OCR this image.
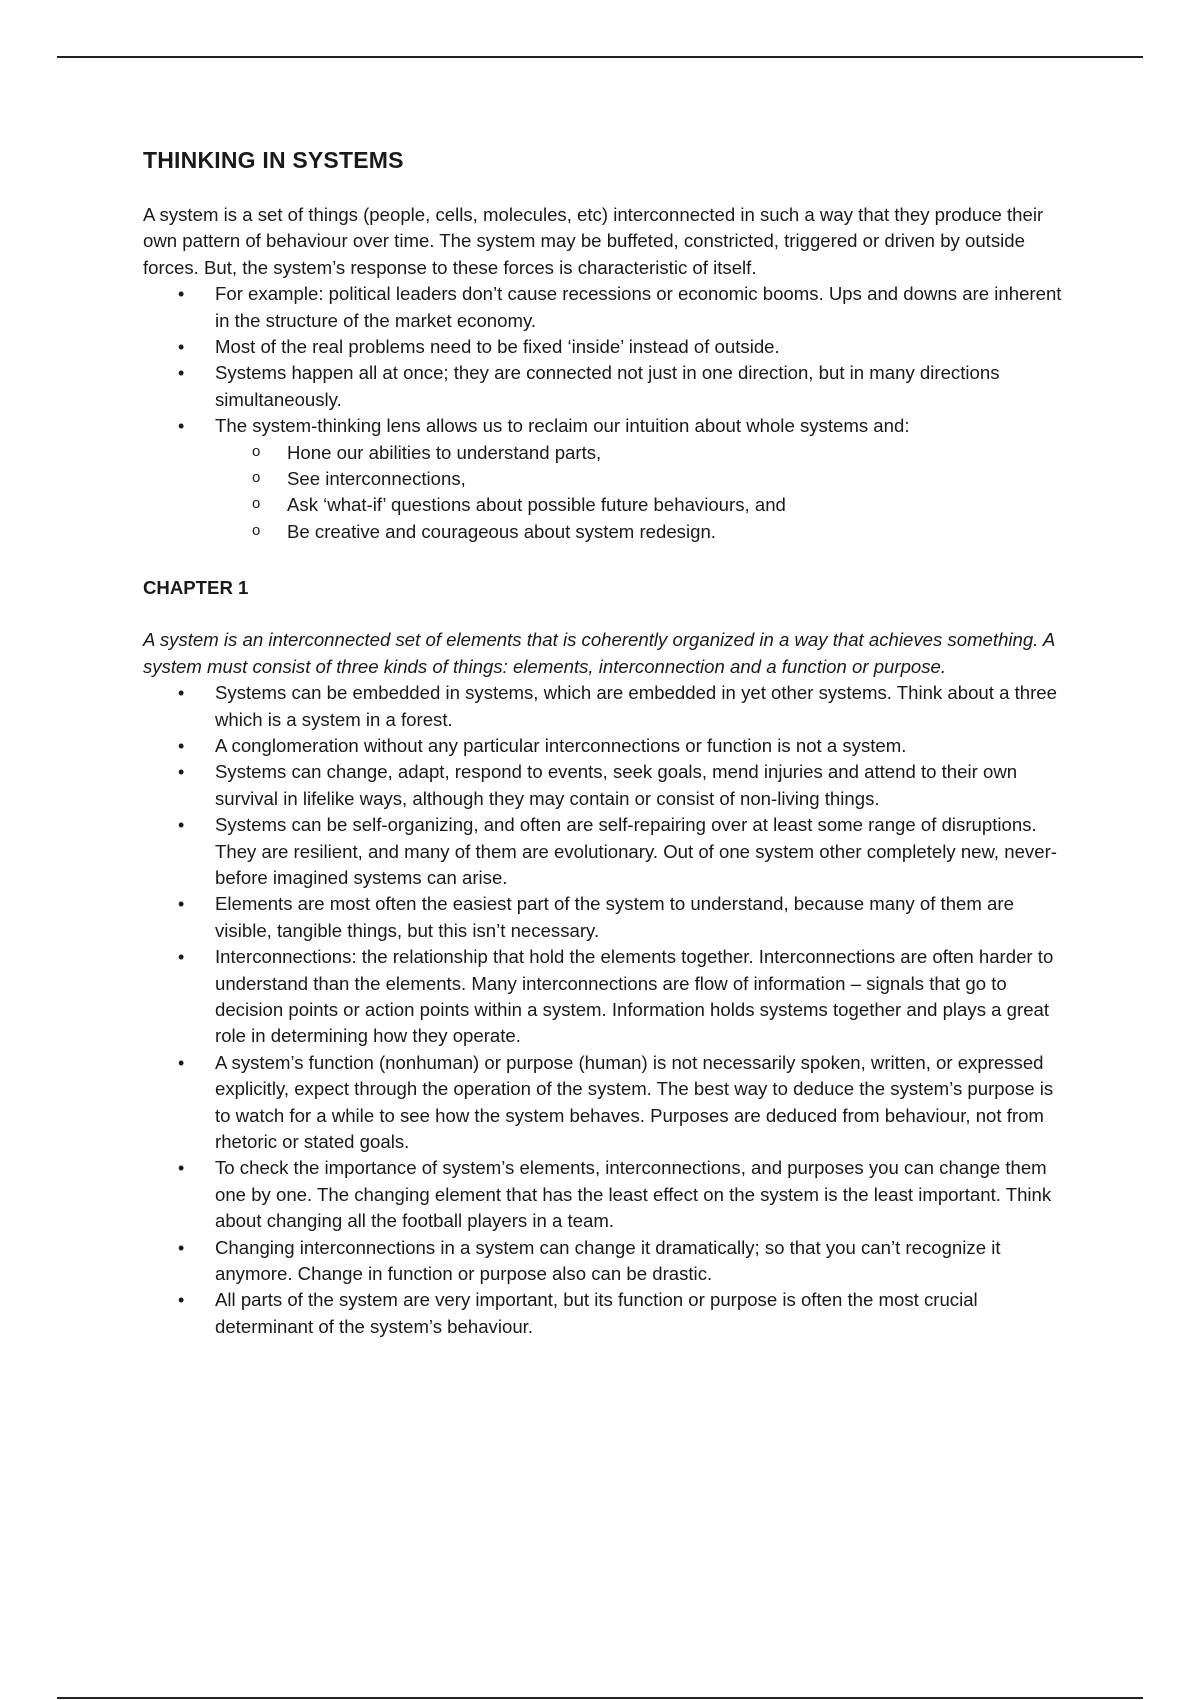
THINKING IN SYSTEMS

A system is a set of things (people, cells, molecules, etc) interconnected in such a way that they produce their own pattern of behaviour over time. The system may be buffeted, constricted, triggered or driven by outside forces. But, the system’s response to these forces is characteristic of itself.

• For example: political leaders don’t cause recessions or economic booms. Ups and downs are inherent in the structure of the market economy.
• Most of the real problems need to be fixed ‘inside’ instead of outside.
• Systems happen all at once; they are connected not just in one direction, but in many directions simultaneously.
• The system-thinking lens allows us to reclaim our intuition about whole systems and:
o Hone our abilities to understand parts,
o See interconnections,
o Ask ‘what-if’ questions about possible future behaviours, and
o Be creative and courageous about system redesign.
CHAPTER 1

A system is an interconnected set of elements that is coherently organized in a way that achieves something. A system must consist of three kinds of things: elements, interconnection and a function or purpose.

• Systems can be embedded in systems, which are embedded in yet other systems. Think about a three which is a system in a forest.
• A conglomeration without any particular interconnections or function is not a system.
• Systems can change, adapt, respond to events, seek goals, mend injuries and attend to their own survival in lifelike ways, although they may contain or consist of non-living things.
• Systems can be self-organizing, and often are self-repairing over at least some range of disruptions. They are resilient, and many of them are evolutionary. Out of one system other completely new, never-before imagined systems can arise.
• Elements are most often the easiest part of the system to understand, because many of them are visible, tangible things, but this isn’t necessary.
• Interconnections: the relationship that hold the elements together. Interconnections are often harder to understand than the elements. Many interconnections are flow of information – signals that go to decision points or action points within a system. Information holds systems together and plays a great role in determining how they operate.
• A system’s function (nonhuman) or purpose (human) is not necessarily spoken, written, or expressed explicitly, expect through the operation of the system. The best way to deduce the system’s purpose is to watch for a while to see how the system behaves. Purposes are deduced from behaviour, not from rhetoric or stated goals.
• To check the importance of system’s elements, interconnections, and purposes you can change them one by one. The changing element that has the least effect on the system is the least important. Think about changing all the football players in a team.
• Changing interconnections in a system can change it dramatically; so that you can’t recognize it anymore. Change in function or purpose also can be drastic.
• All parts of the system are very important, but its function or purpose is often the most crucial determinant of the system’s behaviour.
